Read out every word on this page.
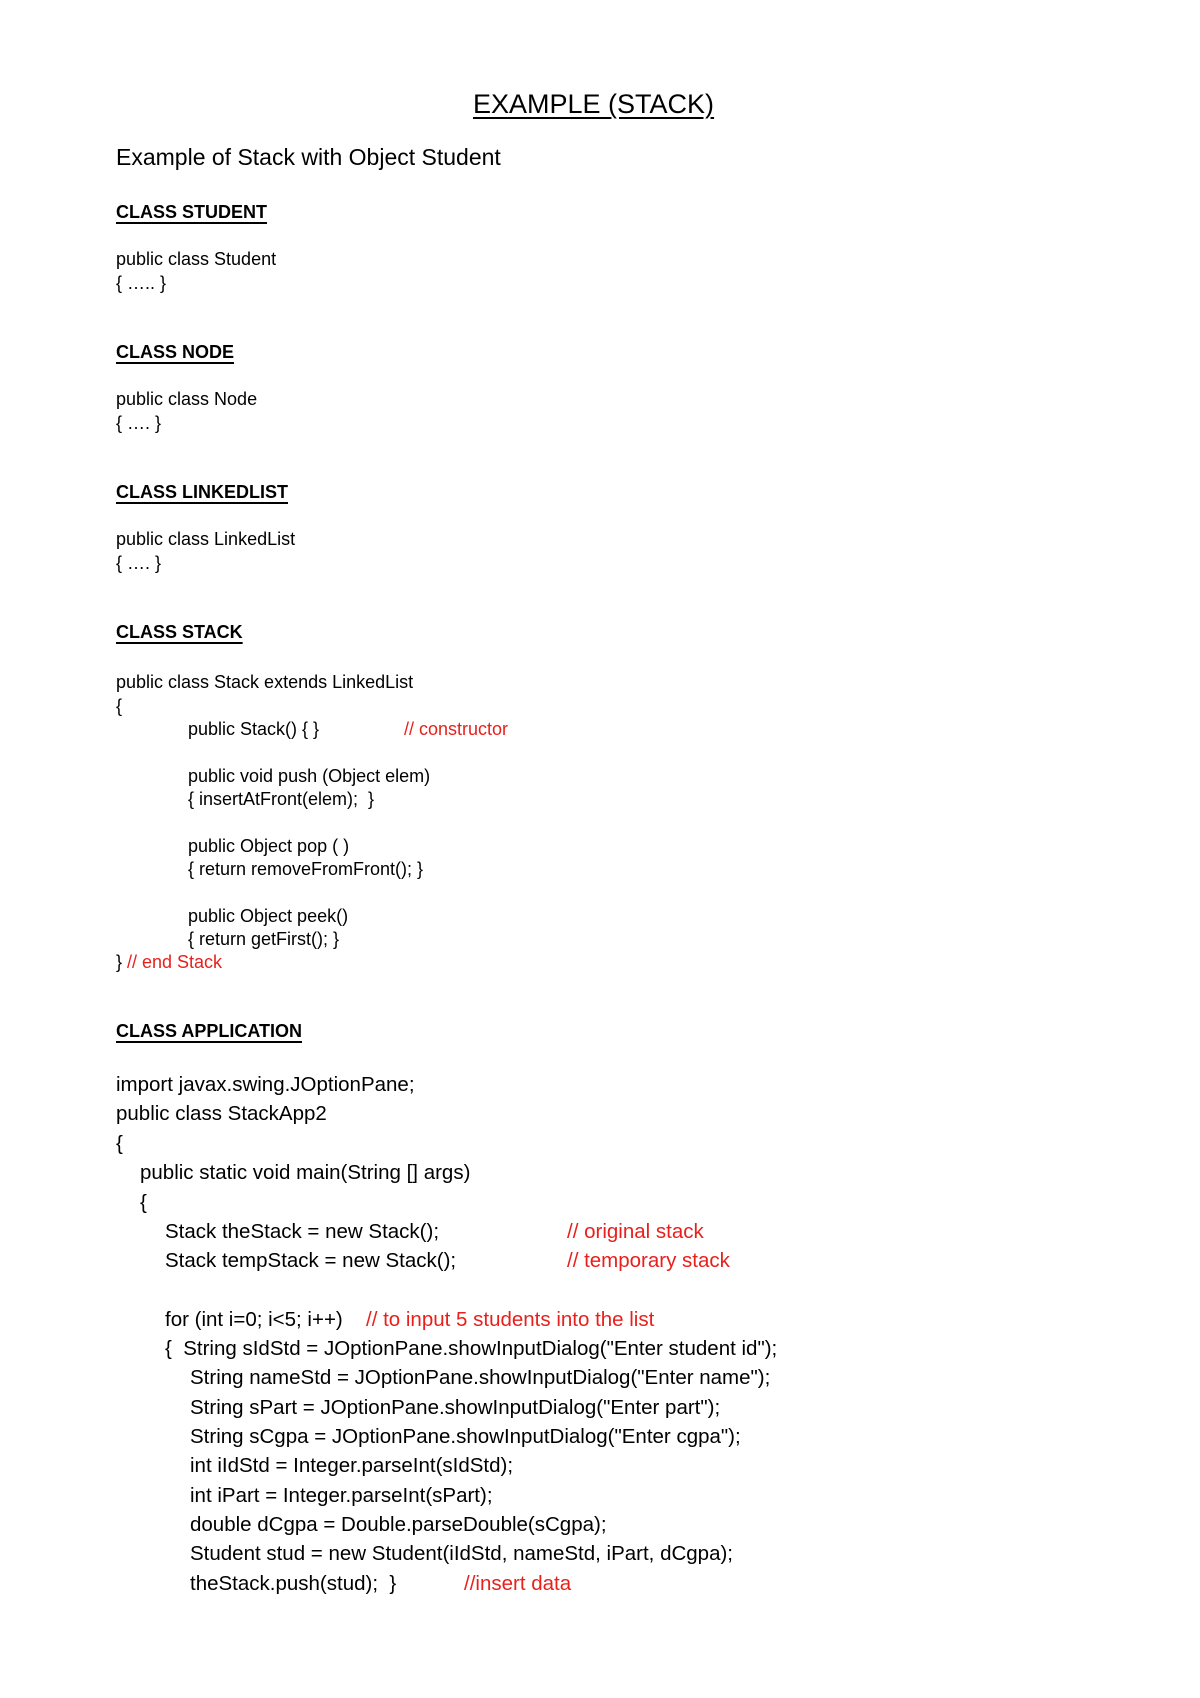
EXAMPLE (STACK)
Example of Stack with Object Student
CLASS STUDENT
public class Student
{ ….. }
CLASS NODE
public class Node
{ …. }
CLASS LINKEDLIST
public class LinkedList
{ …. }
CLASS STACK
public class Stack extends LinkedList
{
public Stack() { }	// constructor
public void push (Object elem)
{ insertAtFront(elem);  }
public Object pop ( )
{ return removeFromFront(); }
public Object peek()
{ return getFirst(); }
} // end Stack
CLASS APPLICATION
import javax.swing.JOptionPane;
public class StackApp2
{
public static void main(String [] args)
{
Stack theStack = new Stack();	// original stack
Stack tempStack = new Stack();	// temporary stack
for (int i=0; i<5; i++) // to input 5 students into the list
{  String sIdStd = JOptionPane.showInputDialog("Enter student id");
String nameStd = JOptionPane.showInputDialog("Enter name");
String sPart = JOptionPane.showInputDialog("Enter part");
String sCgpa = JOptionPane.showInputDialog("Enter cgpa");
int iIdStd = Integer.parseInt(sIdStd);
int iPart = Integer.parseInt(sPart);
double dCgpa = Double.parseDouble(sCgpa);
Student stud = new Student(iIdStd, nameStd, iPart, dCgpa);
theStack.push(stud);  }	//insert data
